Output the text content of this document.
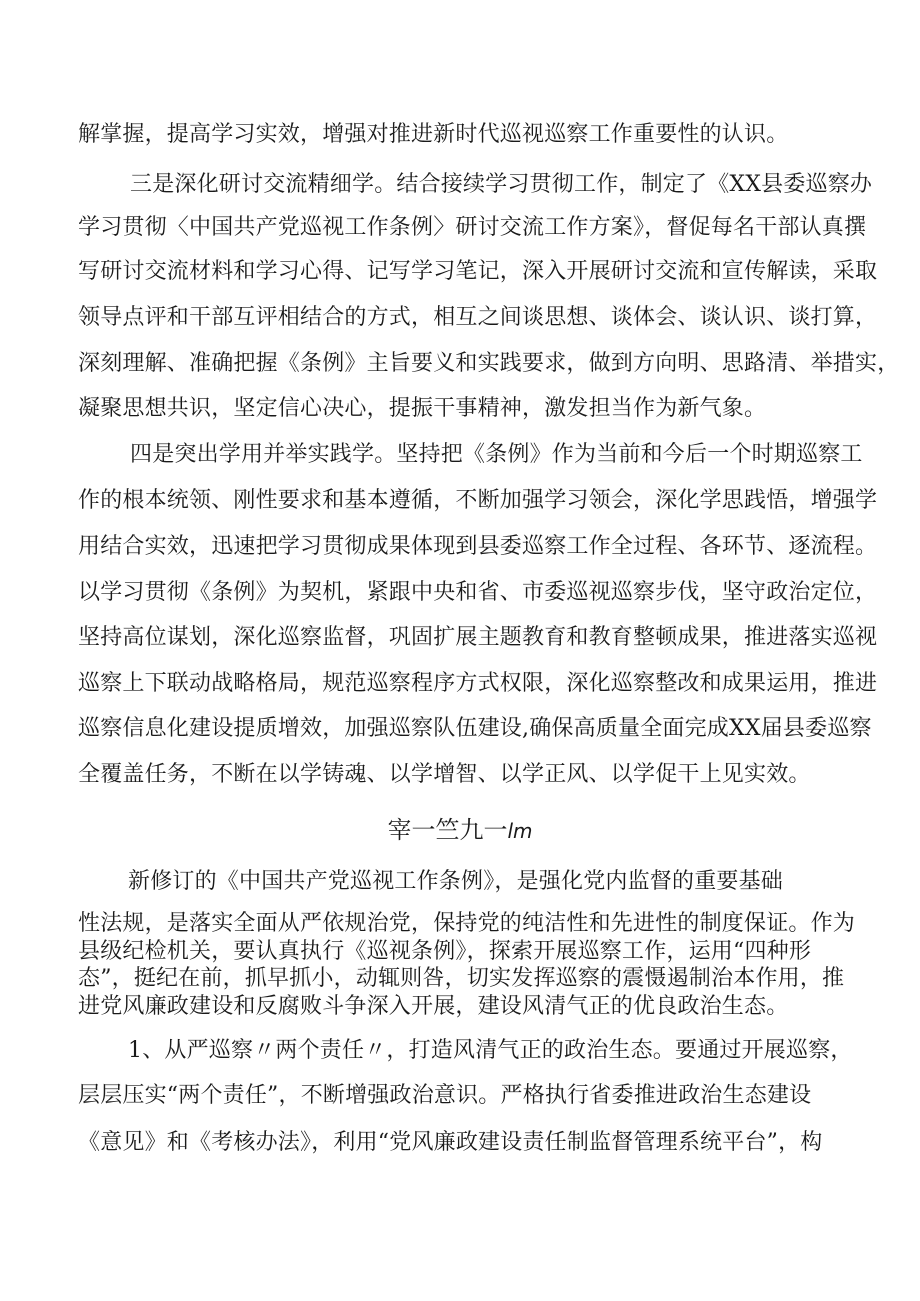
解掌握，提高学习实效，增强对推进新时代巡视巡察工作重要性的认识。
三是深化研讨交流精细学。结合接续学习贯彻工作，制定了《XX县委巡察办
学习贯彻〈中国共产党巡视工作条例〉研讨交流工作方案》，督促每名干部认真撰
写研讨交流材料和学习心得、记写学习笔记，深入开展研讨交流和宣传解读，采取
领导点评和干部互评相结合的方式，相互之间谈思想、谈体会、谈认识、谈打算，
深刻理解、准确把握《条例》主旨要义和实践要求，做到方向明、思路清、举措实，
凝聚思想共识，坚定信心决心，提振干事精神，激发担当作为新气象。
四是突出学用并举实践学。坚持把《条例》作为当前和今后一个时期巡察工
作的根本统领、刚性要求和基本遵循，不断加强学习领会，深化学思践悟，增强学
用结合实效，迅速把学习贯彻成果体现到县委巡察工作全过程、各环节、逐流程。
以学习贯彻《条例》为契机，紧跟中央和省、市委巡视巡察步伐，坚守政治定位，
坚持高位谋划，深化巡察监督，巩固扩展主题教育和教育整顿成果，推进落实巡视
巡察上下联动战略格局，规范巡察程序方式权限，深化巡察整改和成果运用，推进
巡察信息化建设提质增效，加强巡察队伍建设,确保高质量全面完成XX届县委巡察
全覆盖任务，不断在以学铸魂、以学增智、以学正风、以学促干上见实效。
宰一竺九一lm
新修订的《中国共产党巡视工作条例》，是强化党内监督的重要基础
性法规，是落实全面从严依规治党，保持党的纯洁性和先进性的制度保证。作为
县级纪检机关，要认真执行《巡视条例》，探索开展巡察工作，运用“四种形
态”，挺纪在前，抓早抓小，动辄则咎，切实发挥巡察的震慑遏制治本作用，推
进党风廉政建设和反腐败斗争深入开展，建设风清气正的优良政治生态。
1、从严巡察〃两个责任〃，打造风清气正的政治生态。要通过开展巡察，
层层压实“两个责任”，不断增强政治意识。严格执行省委推进政治生态建设
《意见》和《考核办法》，利用“党风廉政建设责任制监督管理系统平台”，构
